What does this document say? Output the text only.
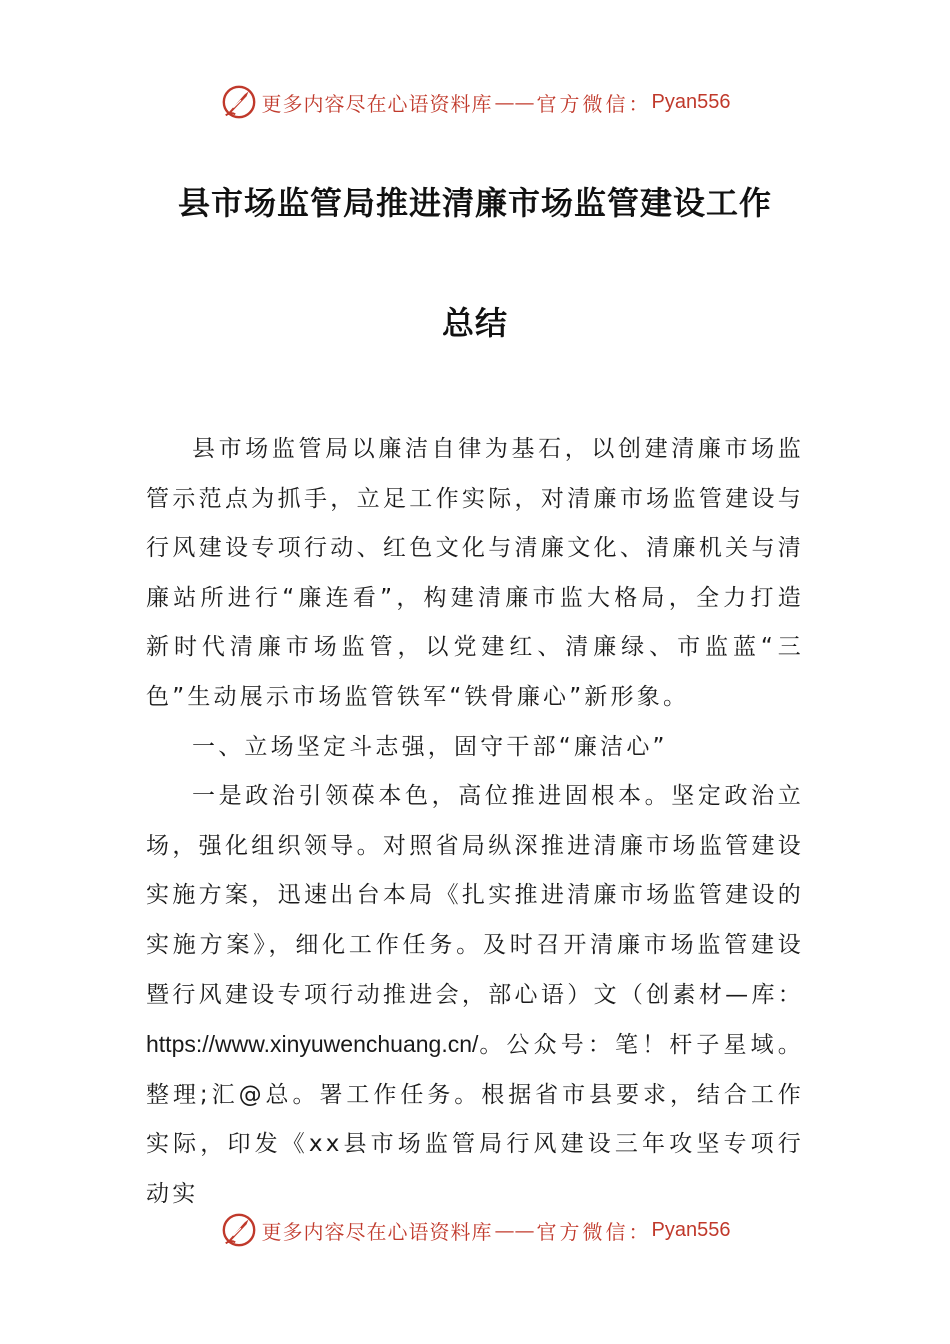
更多内容尽在心语资料库 —— 官方微信： Pyan556
县市场监管局推进清廉市场监管建设工作
总结

县市场监管局以廉洁自律为基石，以创建清廉市场监管示范点为抓手，立足工作实际，对清廉市场监管建设与行风建设专项行动、红色文化与清廉文化、清廉机关与清廉站所进行“廉连看”，构建清廉市监大格局，全力打造新时代清廉市场监管，以党建红、清廉绿、市监蓝“三色”生动展示市场监管铁军“铁骨廉心”新形象。

一、立场坚定斗志强，固守干部“廉洁心”

一是政治引领葆本色，高位推进固根本。坚定政治立场，强化组织领导。对照省局纵深推进清廉市场监管建设实施方案，迅速出台本局《扎实推进清廉市场监管建设的实施方案》，细化工作任务。及时召开清廉市场监管建设暨行风建设专项行动推进会，部心语）文（创素材—库：https://www.xinyuwenchuang.cn/。公众号：笔！杆子星域。整理;汇@总。署工作任务。根据省市县要求，结合工作实际，印发《xx县市场监管局行风建设三年攻坚专项行动实

更多内容尽在心语资料库 —— 官方微信： Pyan556
